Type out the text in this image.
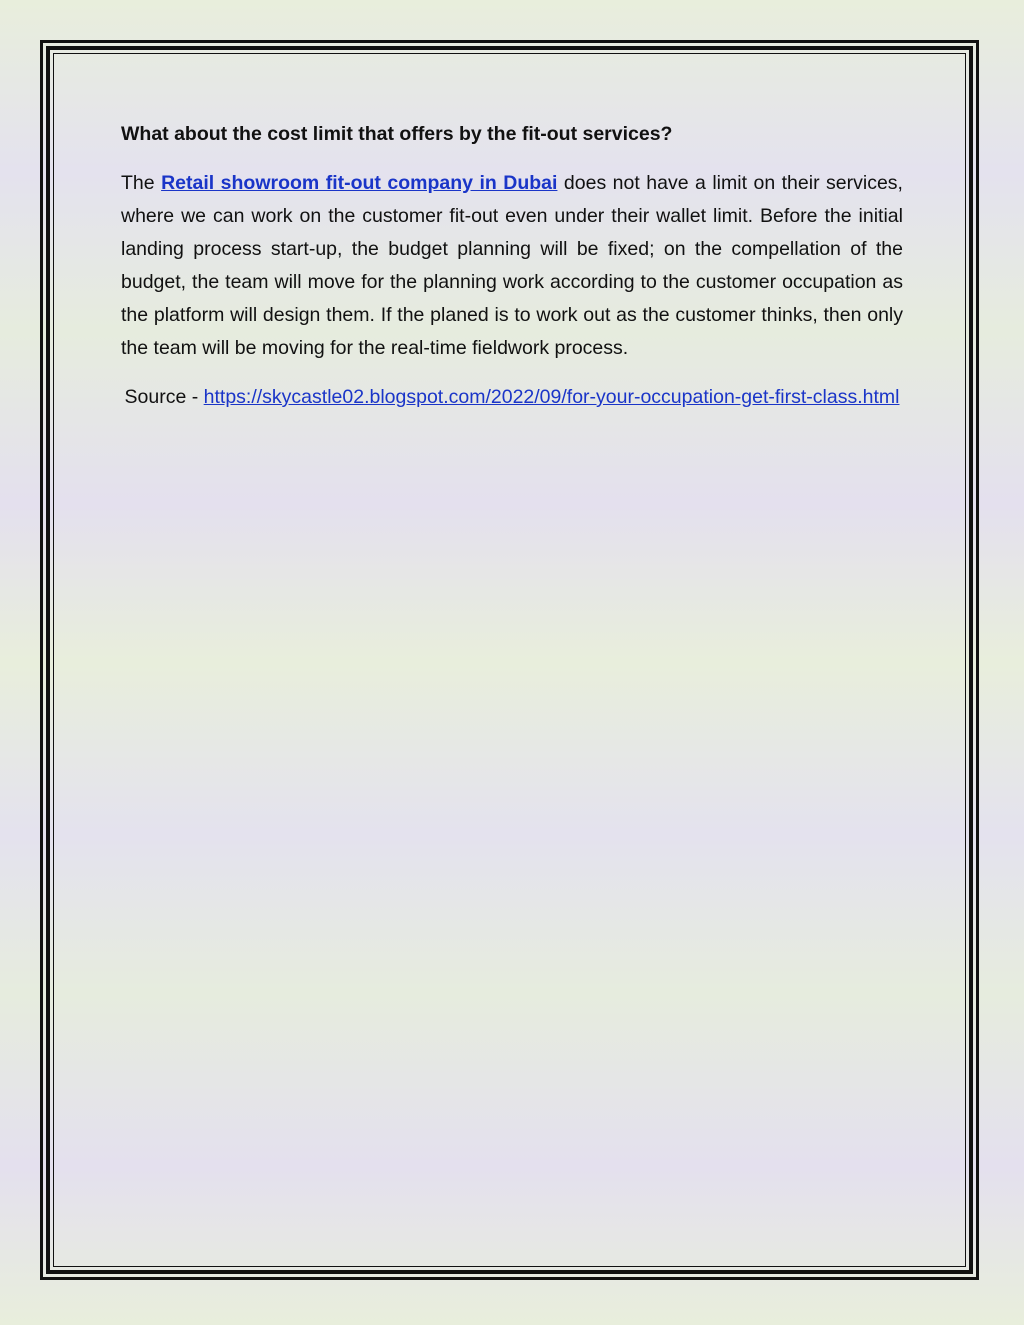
What about the cost limit that offers by the fit-out services?

The Retail showroom fit-out company in Dubai does not have a limit on their services, where we can work on the customer fit-out even under their wallet limit. Before the initial landing process start-up, the budget planning will be fixed; on the compellation of the budget, the team will move for the planning work according to the customer occupation as the platform will design them. If the planed is to work out as the customer thinks, then only the team will be moving for the real-time fieldwork process.

Source - https://skycastle02.blogspot.com/2022/09/for-your-occupation-get-first-class.html
